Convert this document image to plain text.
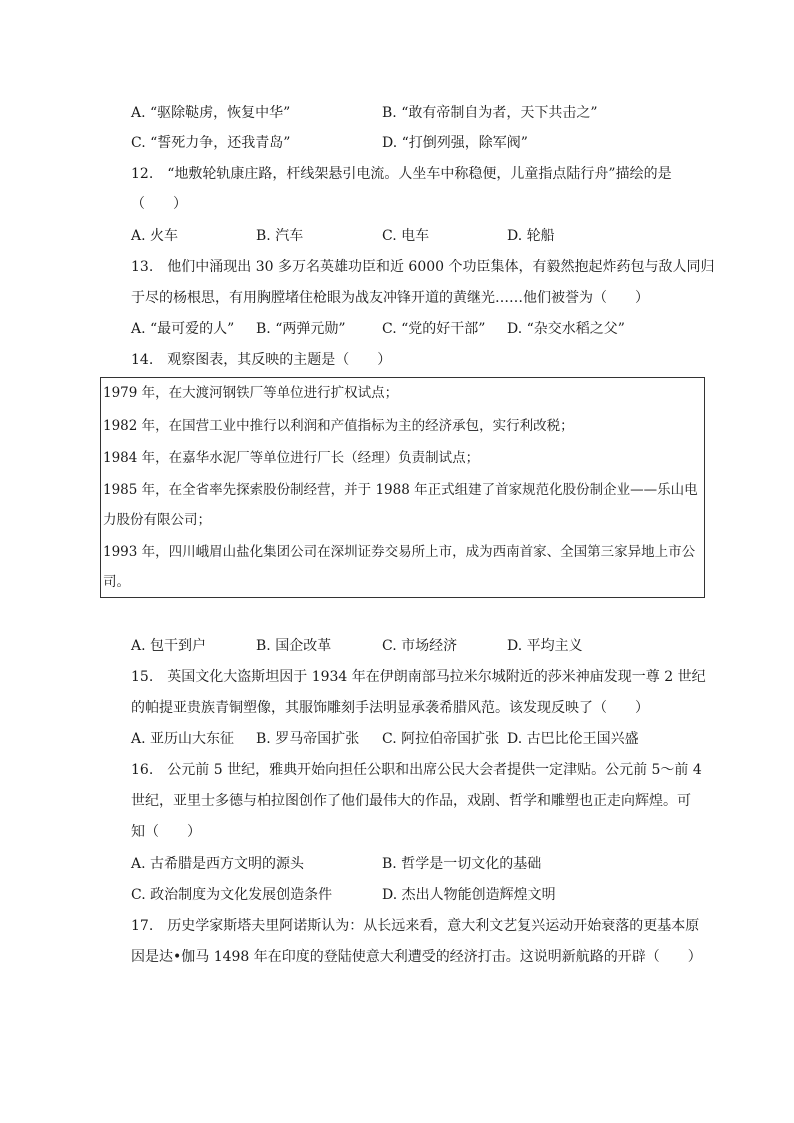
A. “驱除鞑虏，恢复中华”	B. “敢有帝制自为者，天下共击之”
C. “誓死力争，还我青岛”	D. “打倒列强，除军阀”
12.　“地敷轮轨康庄路，杆线架悬引电流。人坐车中称稳便，儿童指点陆行舟”描绘的是
（　　）
A. 火车	B. 汽车	C. 电车	D. 轮船
13.　他们中涌现出 30 多万名英雄功臣和近 6000 个功臣集体，有毅然抱起炸药包与敌人同归
于尽的杨根思，有用胸膛堵住枪眼为战友冲锋开道的黄继光……他们被誉为（　　）
A. “最可爱的人” B. “两弹元勋”	C. “党的好干部” D. “杂交水稻之父”
14.　观察图表，其反映的主题是（　　）
1979 年，在大渡河钢铁厂等单位进行扩权试点；
1982 年，在国营工业中推行以利润和产值指标为主的经济承包，实行利改税；
1984 年，在嘉华水泥厂等单位进行厂长（经理）负责制试点；
1985 年，在全省率先探索股份制经营，并于 1988 年正式组建了首家规范化股份制企业——乐山电
力股份有限公司；
1993 年，四川峨眉山盐化集团公司在深圳证券交易所上市，成为西南首家、全国第三家异地上市公
司。
A. 包干到户	B. 国企改革	C. 市场经济	D. 平均主义
15.　英国文化大盗斯坦因于 1934 年在伊朗南部马拉米尔城附近的莎米神庙发现一尊 2 世纪
的帕提亚贵族青铜塑像，其服饰雕刻手法明显承袭希腊风范。该发现反映了（　　）
A. 亚历山大东征 B. 罗马帝国扩张 C. 阿拉伯帝国扩张 D. 古巴比伦王国兴盛
16.　公元前 5 世纪，雅典开始向担任公职和出席公民大会者提供一定津贴。公元前 5～前 4
世纪，亚里士多德与柏拉图创作了他们最伟大的作品，戏剧、哲学和雕塑也正走向辉煌。可
知（　　）
A. 古希腊是西方文明的源头	B. 哲学是一切文化的基础
C. 政治制度为文化发展创造条件	D. 杰出人物能创造辉煌文明
17.　历史学家斯塔夫里阿诺斯认为：从长远来看，意大利文艺复兴运动开始衰落的更基本原
因是达•伽马 1498 年在印度的登陆使意大利遭受的经济打击。这说明新航路的开辟（　　）
